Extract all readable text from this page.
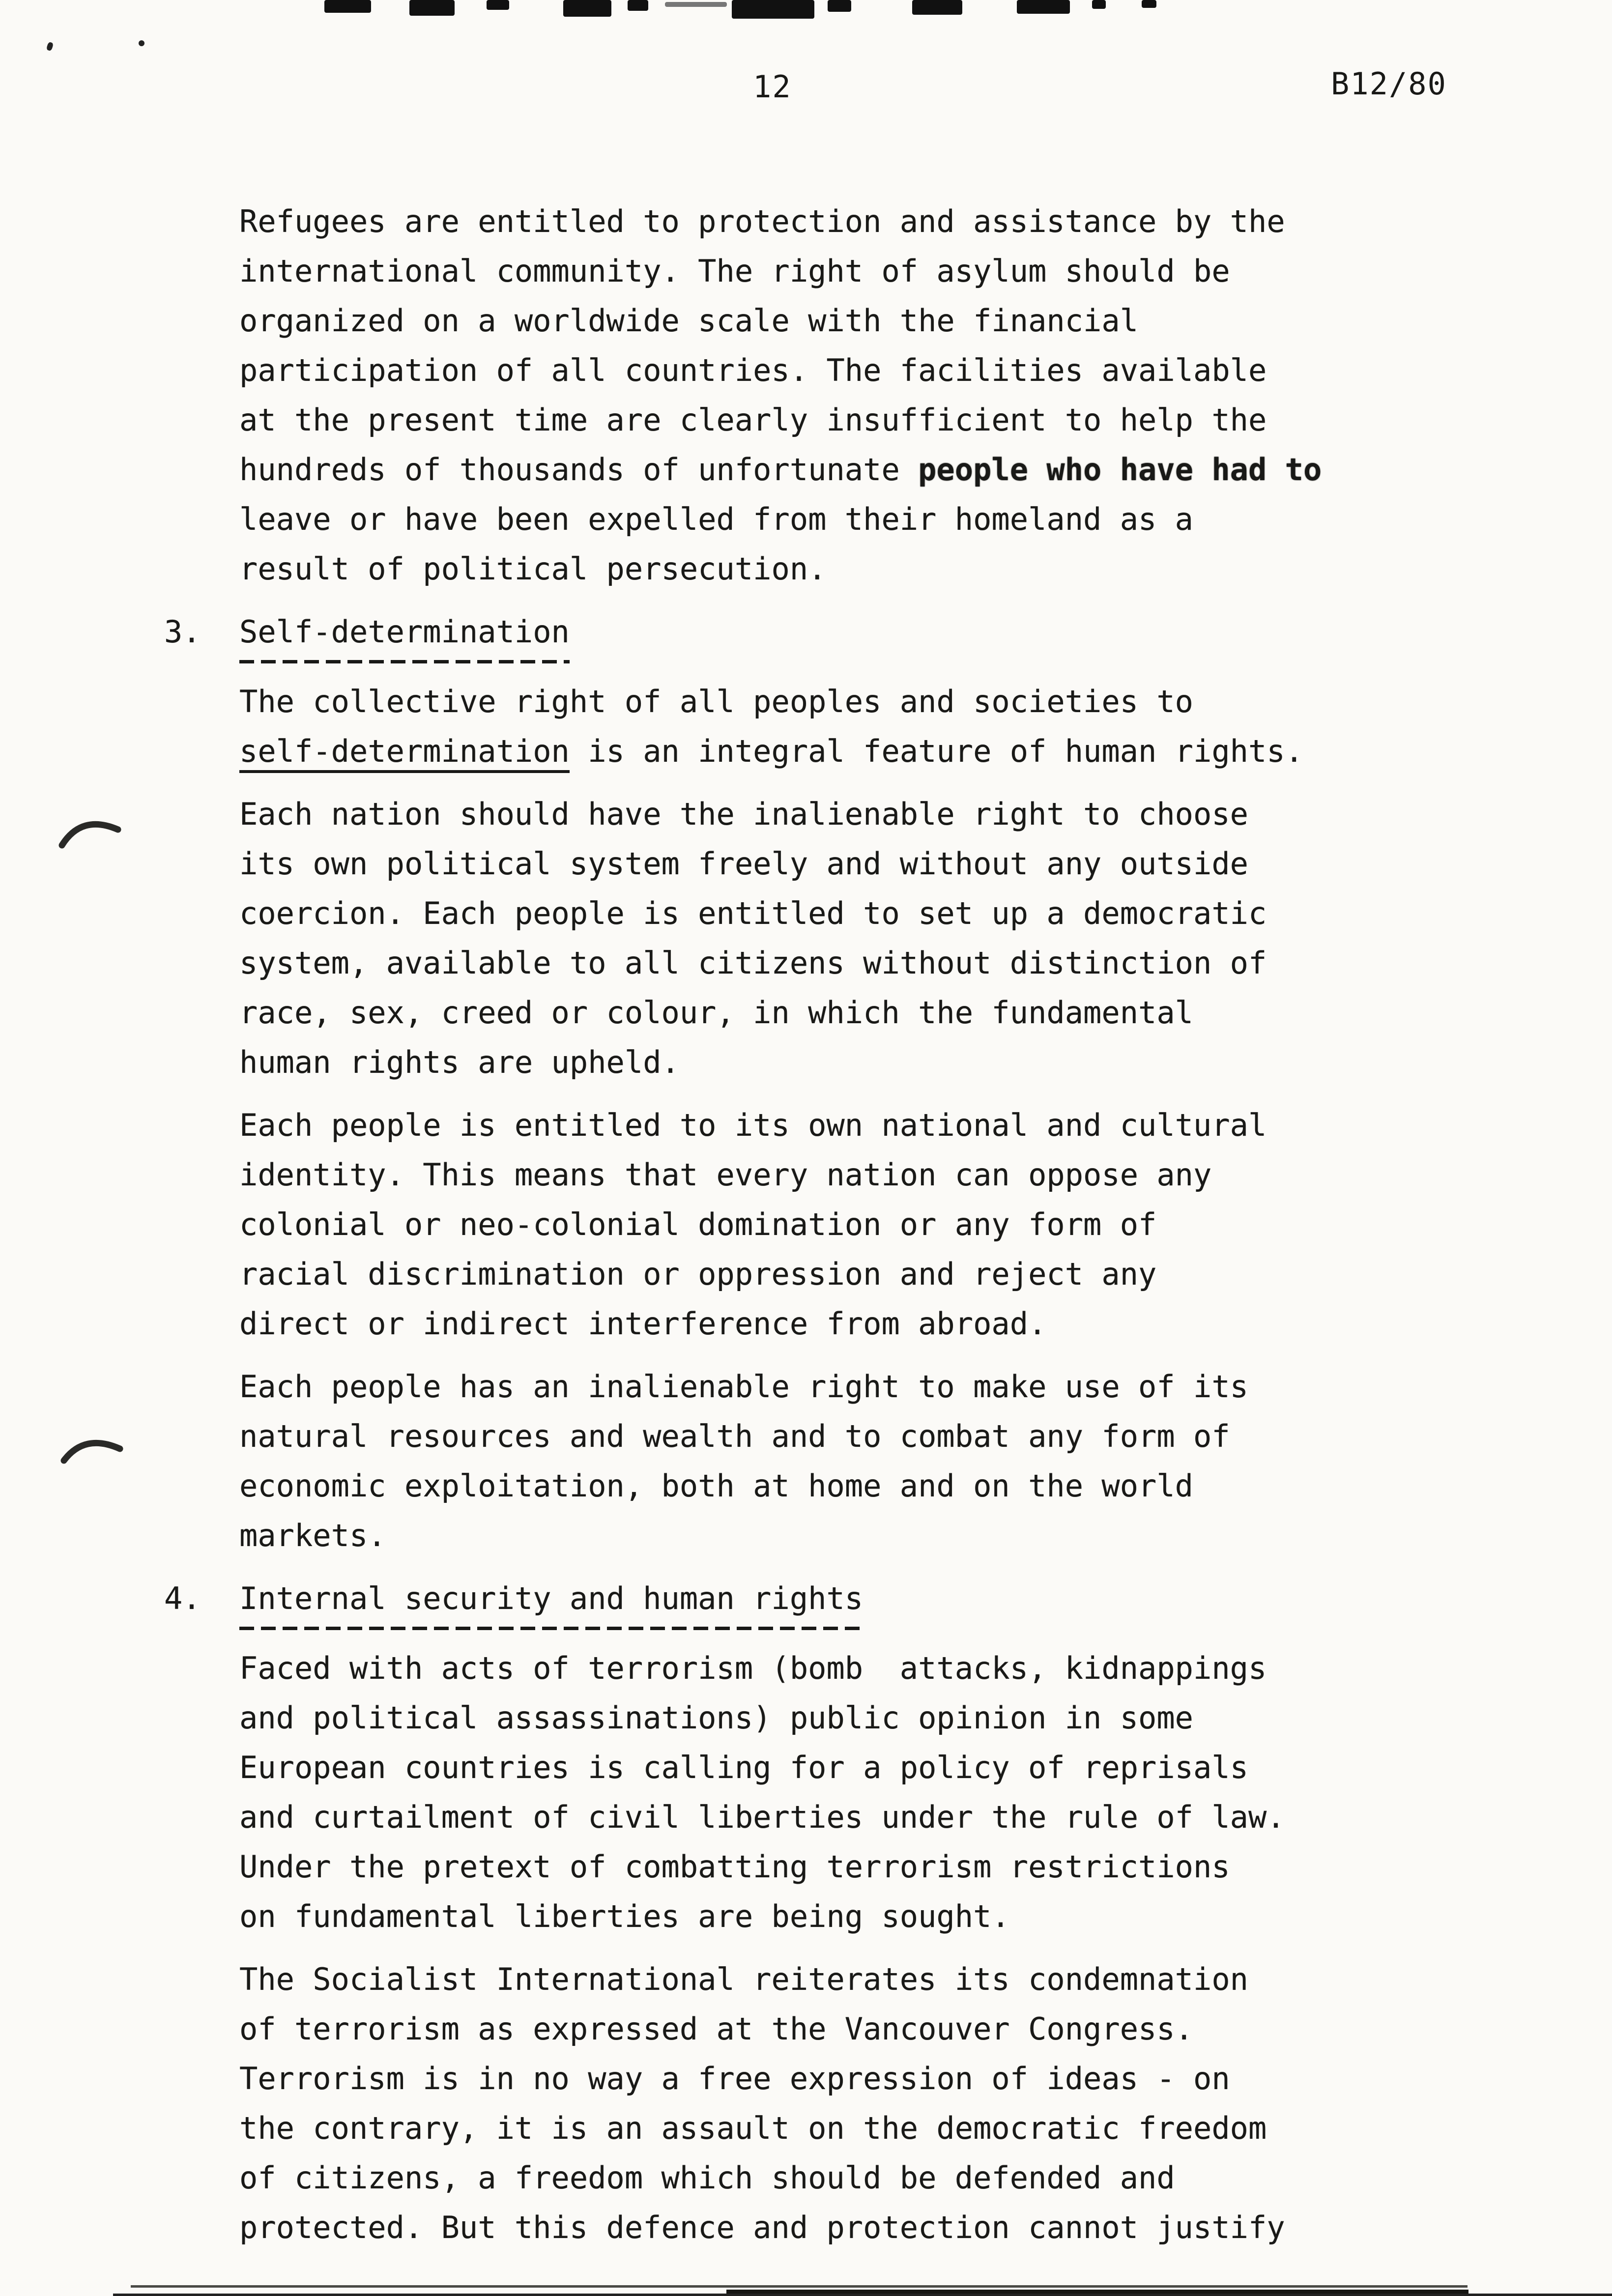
12	B12/80
Refugees are entitled to protection and assistance by the
international community. The right of asylum should be
organized on a worldwide scale with the financial
participation of all countries. The facilities available
at the present time are clearly insufficient to help the
hundreds of thousands of unfortunate people who have had to
leave or have been expelled from their homeland as a
result of political persecution.
3. Self-determination
The collective right of all peoples and societies to
self-determination is an integral feature of human rights.
Each nation should have the inalienable right to choose
its own political system freely and without any outside
coercion. Each people is entitled to set up a democratic
system, available to all citizens without distinction of
race, sex, creed or colour, in which the fundamental
human rights are upheld.
Each people is entitled to its own national and cultural
identity. This means that every nation can oppose any
colonial or neo-colonial domination or any form of
racial discrimination or oppression and reject any
direct or indirect interference from abroad.
Each people has an inalienable right to make use of its
natural resources and wealth and to combat any form of
economic exploitation, both at home and on the world
markets.
4. Internal security and human rights
Faced with acts of terrorism (bomb  attacks, kidnappings
and political assassinations) public opinion in some
European countries is calling for a policy of reprisals
and curtailment of civil liberties under the rule of law.
Under the pretext of combatting terrorism restrictions
on fundamental liberties are being sought.
The Socialist International reiterates its condemnation
of terrorism as expressed at the Vancouver Congress.
Terrorism is in no way a free expression of ideas - on
the contrary, it is an assault on the democratic freedom
of citizens, a freedom which should be defended and
protected. But this defence and protection cannot justify
